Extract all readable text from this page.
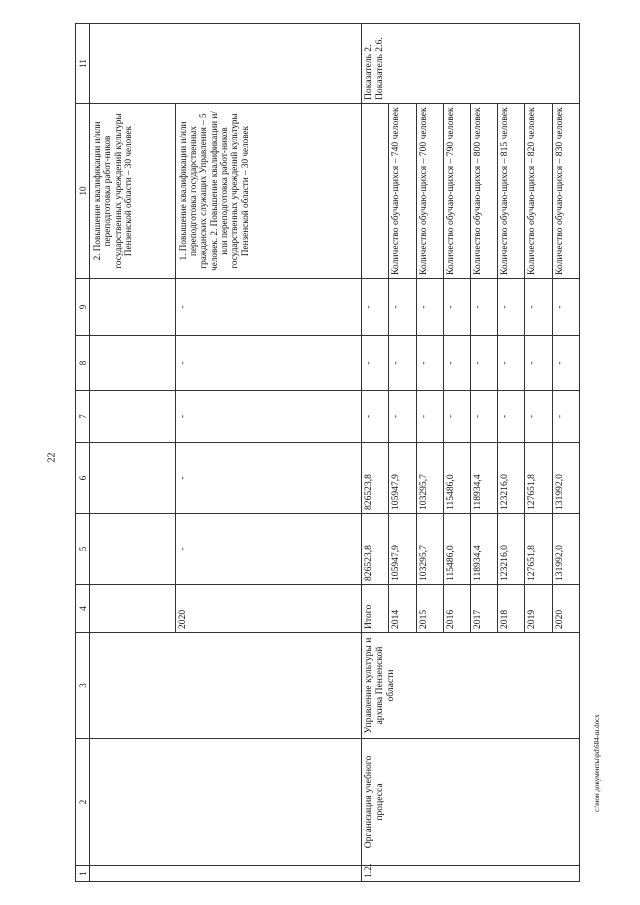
22
1	2	3	4	5	6	7	8	9	10	11
									2. Повышение квалификации и/или переподготовка работ-ников государственных учреждений культуры Пензенской области – 30 человек	
			2020	-	-	-	-	-	1. Повышение квалификации и/или переподготовка государственных гражданских служащих Управления – 5 человек. 2. Повышение квалификации и/или переподготовка работ-ников государственных учреждений культуры Пензенской области – 30 человек	
1.2.	Организация учебного процесса	Управление культуры и архива Пензенской области	Итого	826523,8	826523,8	-	-	-		Показатель 2. Показатель 2.6.
			2014	105947,9	105947,9	-	-	-	Количество обучаю-щихся – 740 человек	
			2015	103295,7	103295,7	-	-	-	Количество обучаю-щихся – 700 человек	
			2016	115486,0	115486,0	-	-	-	Количество обучаю-щихся – 790 человек	
			2017	118934,4	118934,4	-	-	-	Количество обучаю-щихся – 800 человек	
			2018	123216,0	123216,0	-	-	-	Количество обучаю-щихся – 815 человек	
			2019	127651,8	127651,8	-	-	-	Количество обучаю-щихся – 820 человек	
			2020	131992,0	131992,0	-	-	-	Количество обучаю-щихся – 830 человек	
c:\мои документы\pd\684-ш.docx
